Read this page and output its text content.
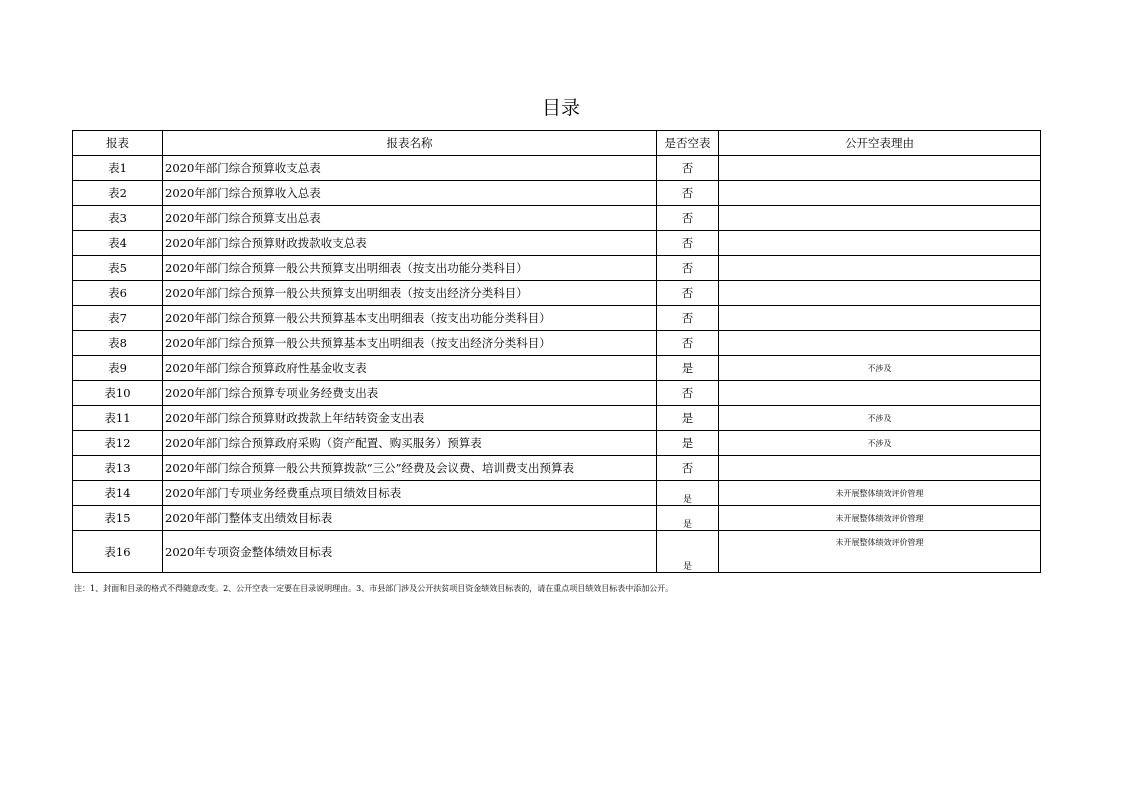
目录
报表	报表名称	是否空表	公开空表理由
表1	2020年部门综合预算收支总表	否	
表2	2020年部门综合预算收入总表	否	
表3	2020年部门综合预算支出总表	否	
表4	2020年部门综合预算财政拨款收支总表	否	
表5	2020年部门综合预算一般公共预算支出明细表（按支出功能分类科目）	否	
表6	2020年部门综合预算一般公共预算支出明细表（按支出经济分类科目）	否	
表7	2020年部门综合预算一般公共预算基本支出明细表（按支出功能分类科目）	否	
表8	2020年部门综合预算一般公共预算基本支出明细表（按支出经济分类科目）	否	
表9	2020年部门综合预算政府性基金收支表	是	不涉及
表10	2020年部门综合预算专项业务经费支出表	否	
表11	2020年部门综合预算财政拨款上年结转资金支出表	是	不涉及
表12	2020年部门综合预算政府采购（资产配置、购买服务）预算表	是	不涉及
表13	2020年部门综合预算一般公共预算拨款“三公”经费及会议费、培训费支出预算表	否	
表14	2020年部门专项业务经费重点项目绩效目标表	是	未开展整体绩效评价管理
表15	2020年部门整体支出绩效目标表	是	未开展整体绩效评价管理
表16	2020年专项资金整体绩效目标表	是	未开展整体绩效评价管理
注：1、封面和目录的格式不得随意改变。2、公开空表一定要在目录说明理由。3、市县部门涉及公开扶贫项目资金绩效目标表的，请在重点项目绩效目标表中添加公开。
